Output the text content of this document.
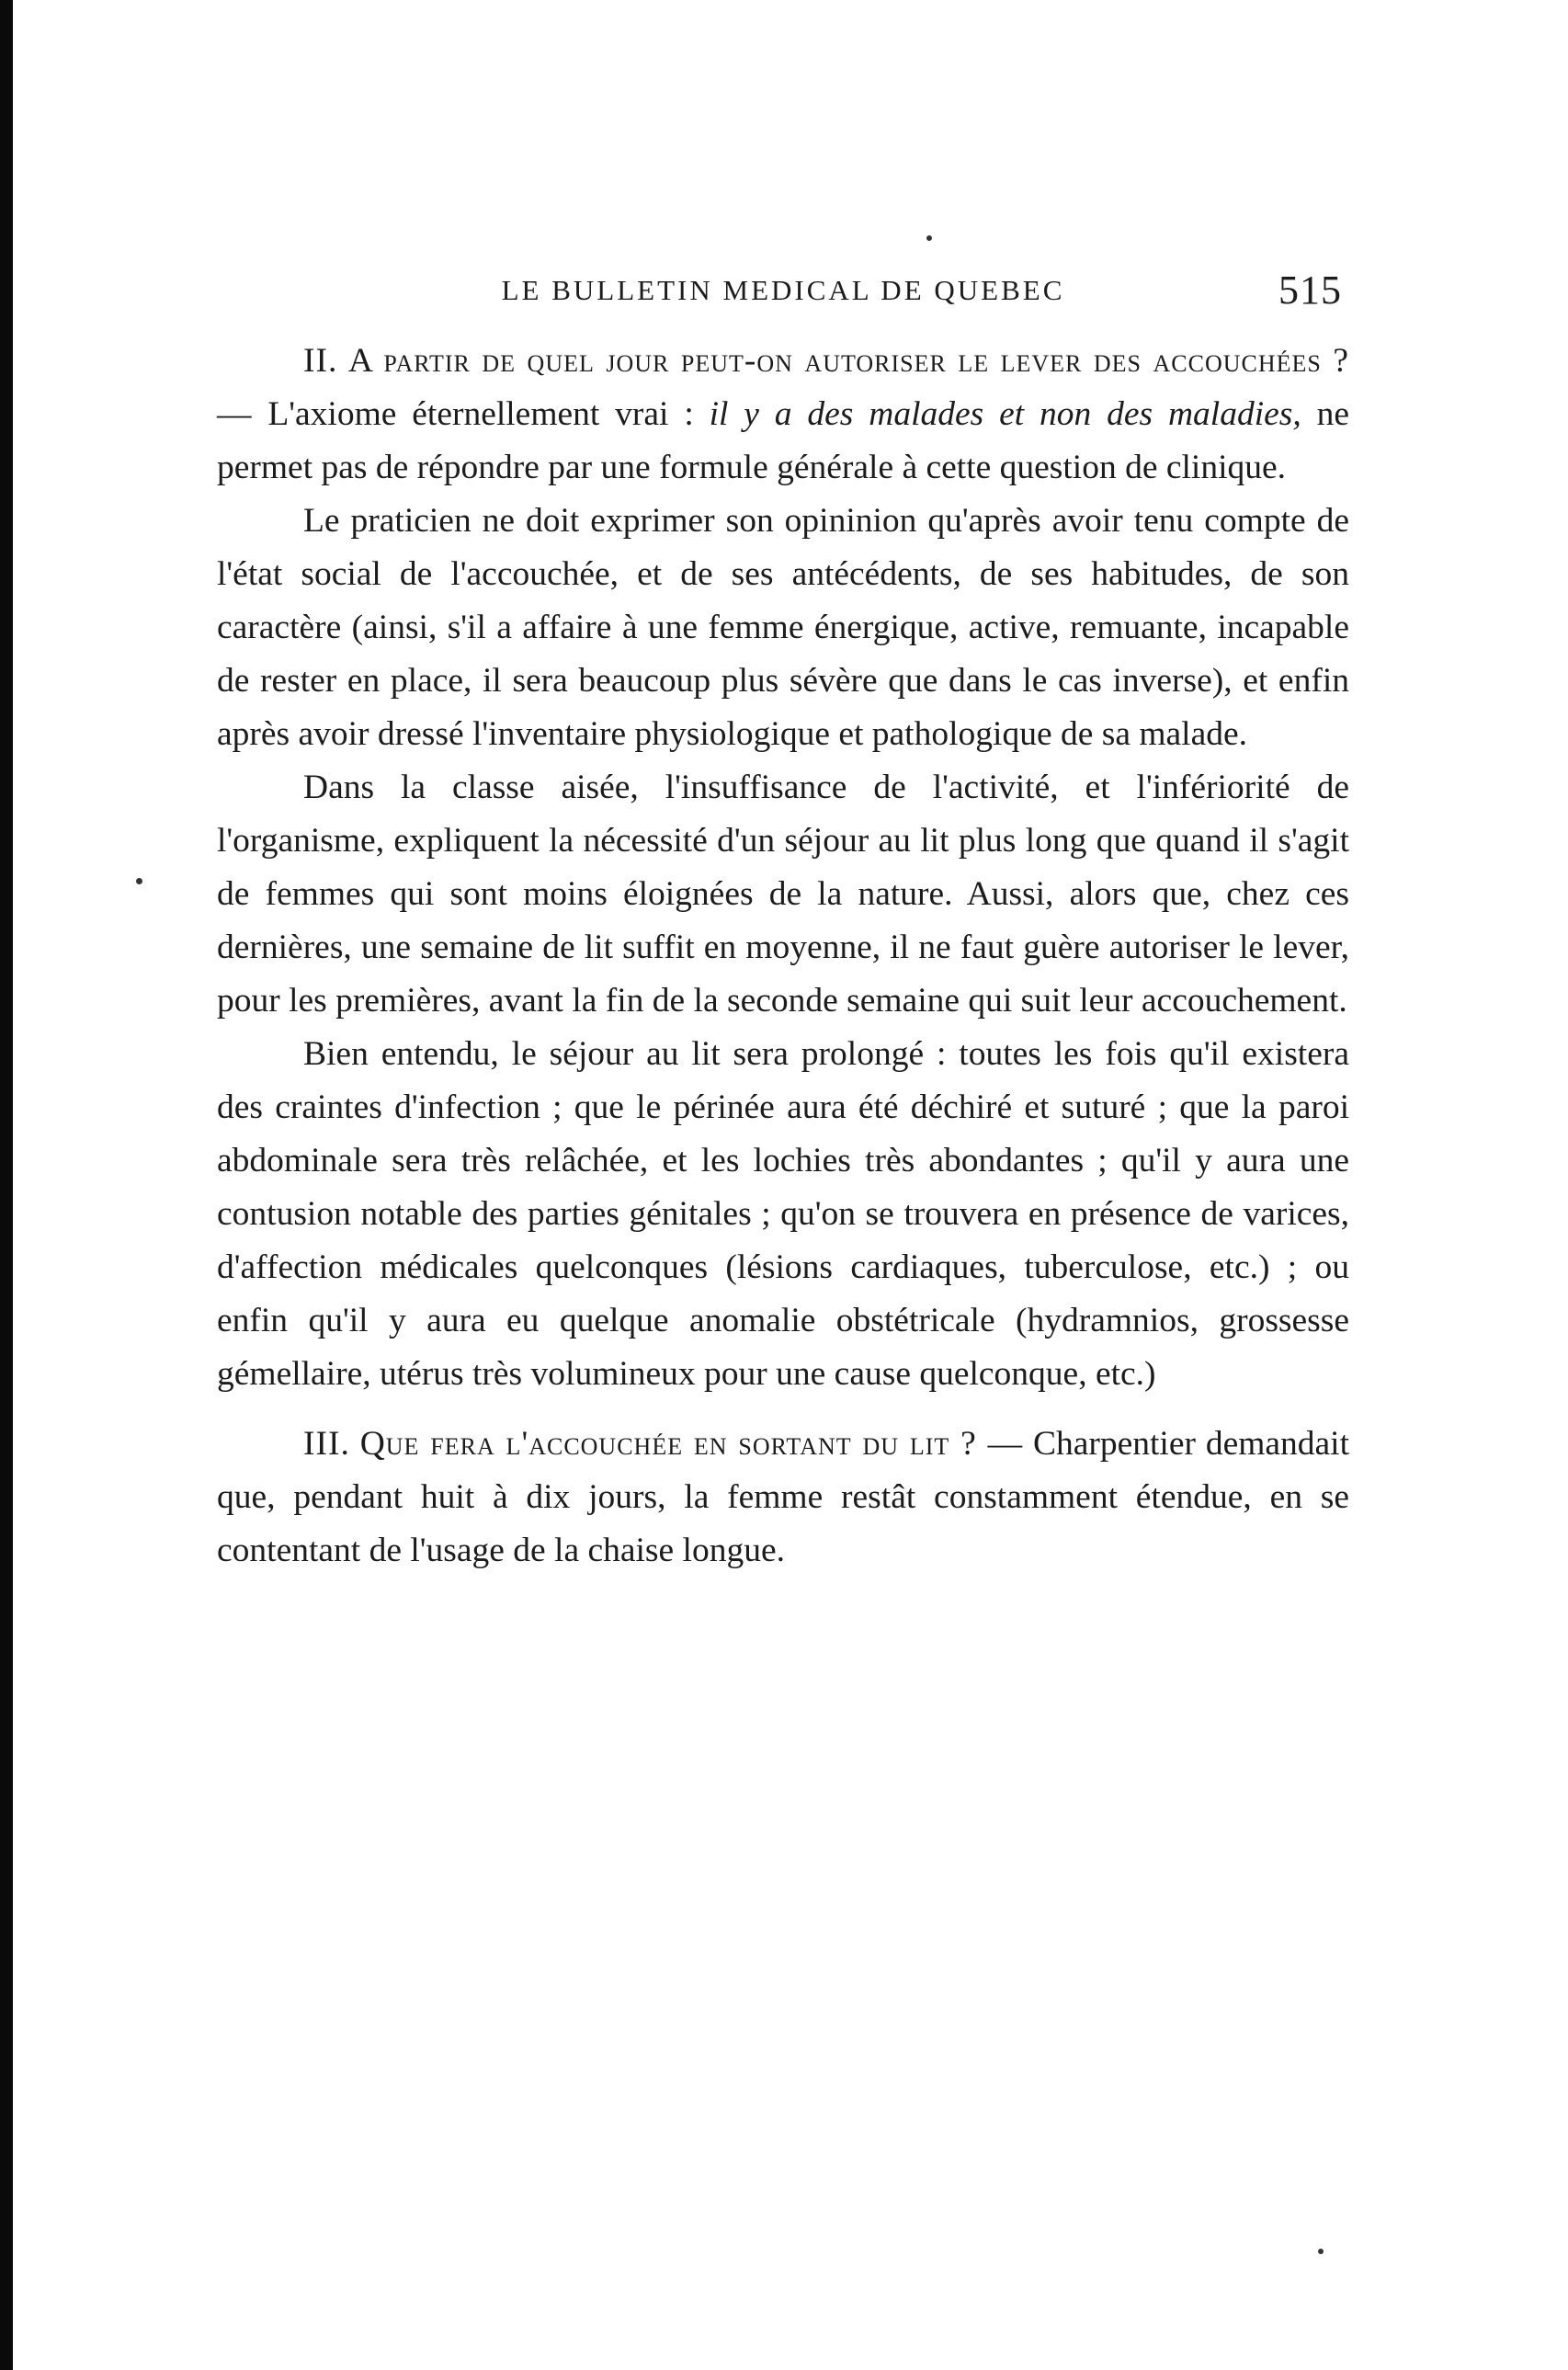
LE BULLETIN MEDICAL DE QUEBEC	515

II. A partir de quel jour peut-on autoriser le lever des accouchées ? — L'axiome éternellement vrai : il y a des malades et non des maladies, ne permet pas de répondre par une formule générale à cette question de clinique.

Le praticien ne doit exprimer son opininion qu'après avoir tenu compte de l'état social de l'accouchée, et de ses antécédents, de ses habitudes, de son caractère (ainsi, s'il a affaire à une femme énergique, active, remuante, incapable de rester en place, il sera beaucoup plus sévère que dans le cas inverse), et enfin après avoir dressé l'inventaire physiologique et pathologique de sa malade.

Dans la classe aisée, l'insuffisance de l'activité, et l'infériorité de l'organisme, expliquent la nécessité d'un séjour au lit plus long que quand il s'agit de femmes qui sont moins éloignées de la nature. Aussi, alors que, chez ces dernières, une semaine de lit suffit en moyenne, il ne faut guère autoriser le lever, pour les premières, avant la fin de la seconde semaine qui suit leur accouchement.

Bien entendu, le séjour au lit sera prolongé : toutes les fois qu'il existera des craintes d'infection ; que le périnée aura été déchiré et suturé ; que la paroi abdominale sera très relâchée, et les lochies très abondantes ; qu'il y aura une contusion notable des parties génitales ; qu'on se trouvera en présence de varices, d'affection médicales quelconques (lésions cardiaques, tuberculose, etc.) ; ou enfin qu'il y aura eu quelque anomalie obstétricale (hydramnios, grossesse gémellaire, utérus très volumineux pour une cause quelconque, etc.)

III. Que fera l'accouchée en sortant du lit ? — Charpentier demandait que, pendant huit à dix jours, la femme restât constamment étendue, en se contentant de l'usage de la chaise longue.
